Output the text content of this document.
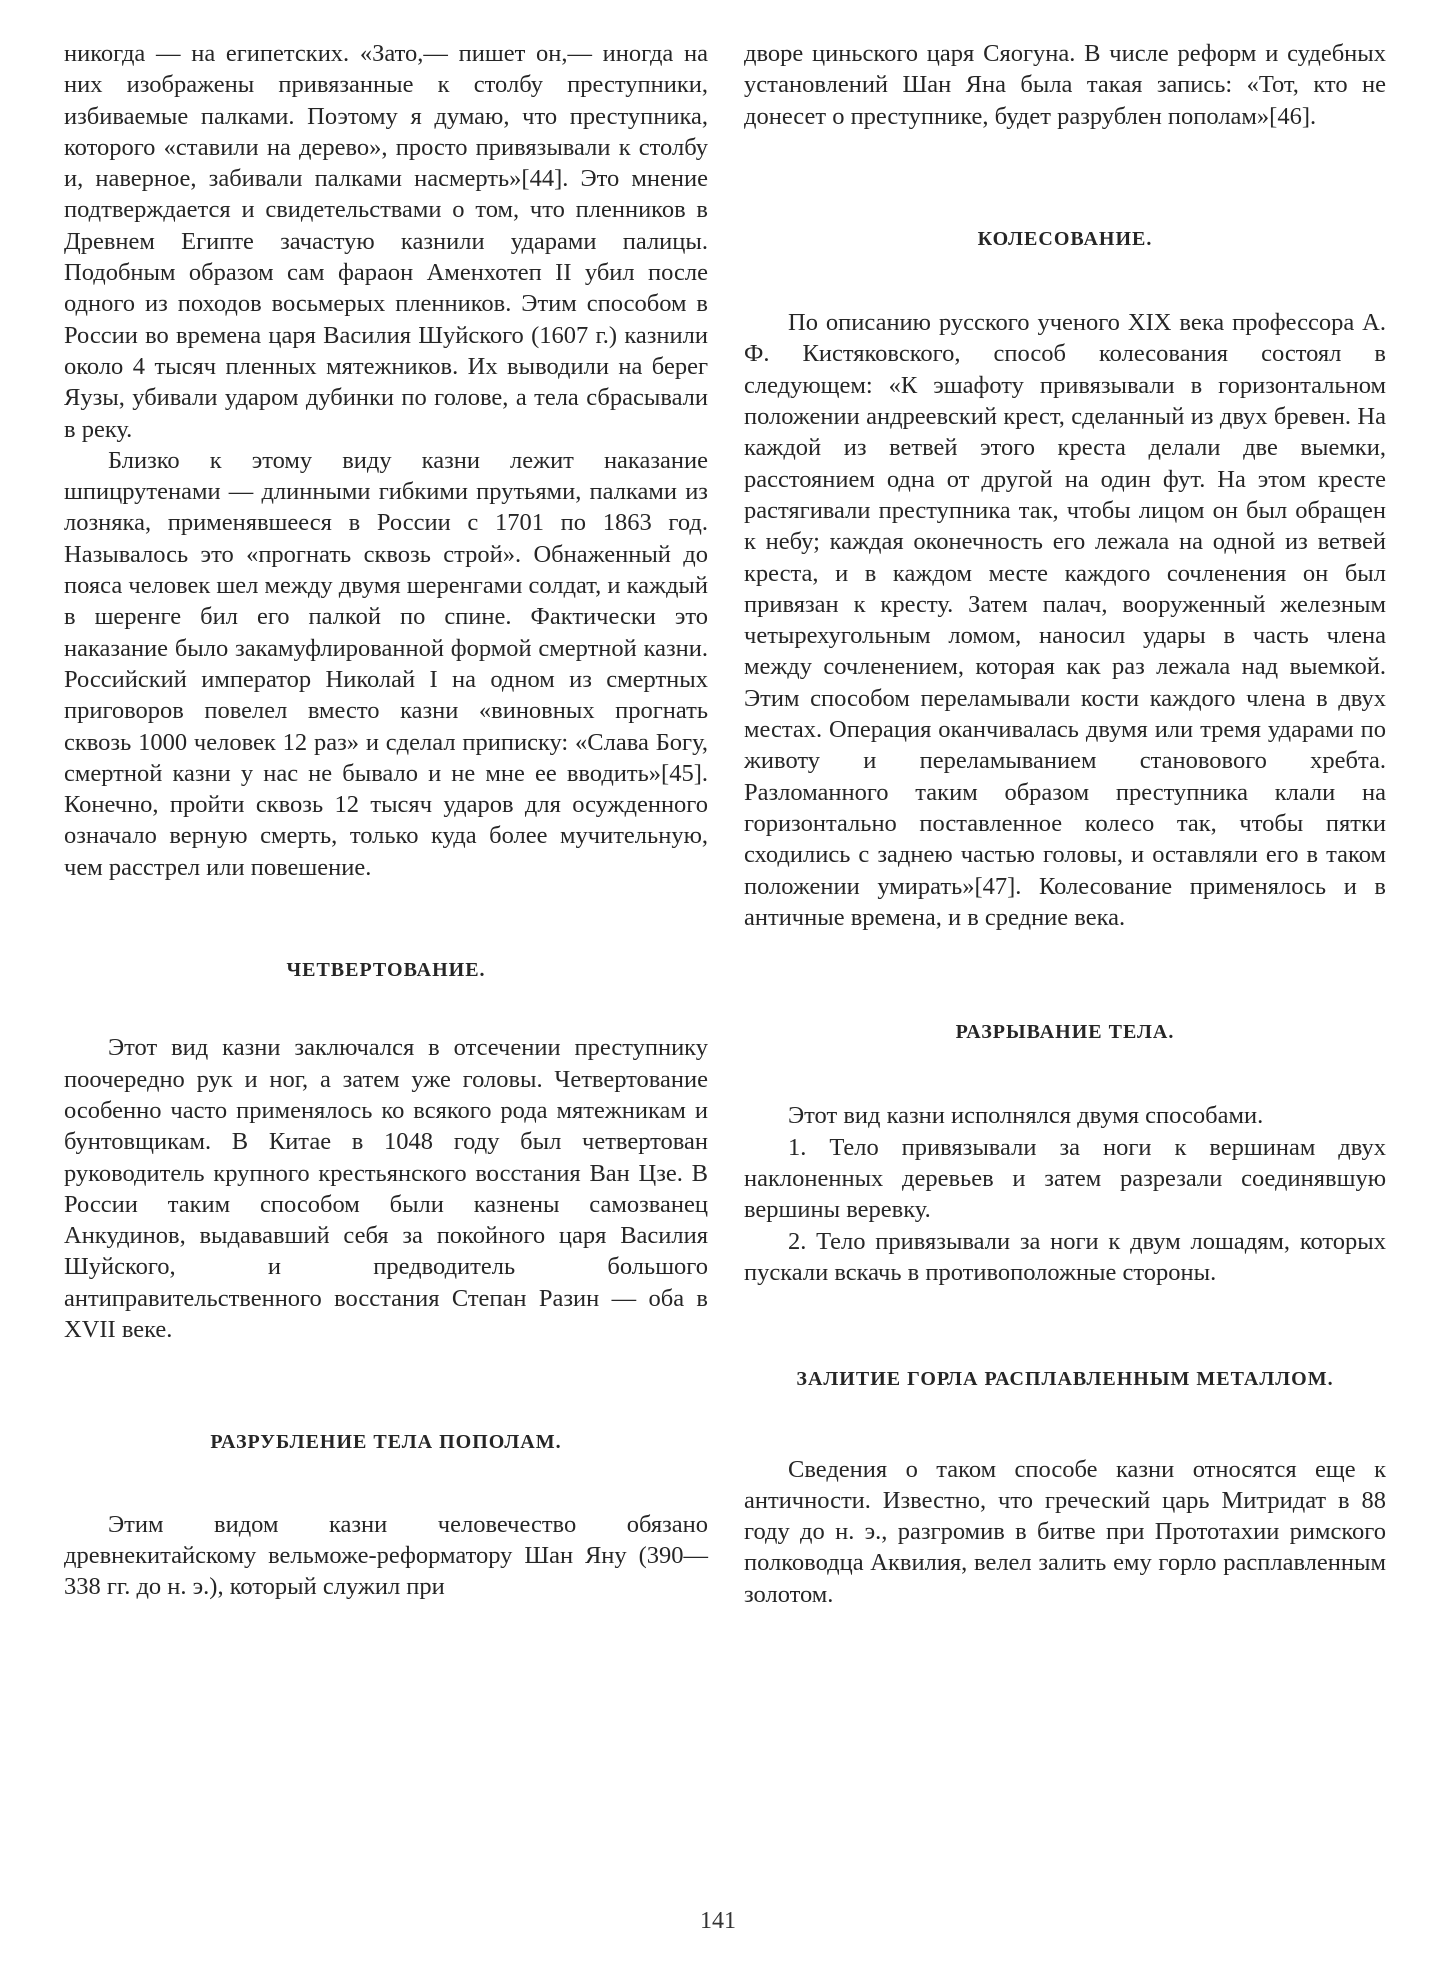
никогда — на египетских. «Зато,— пишет он,— иногда на них изображены привязанные к столбу преступники, избиваемые палками. Поэтому я думаю, что преступника, которого «ставили на дерево», просто привязывали к столбу и, наверное, забивали палками насмерть»[44]. Это мнение подтверждается и свидетельствами о том, что пленников в Древнем Египте зачастую казнили ударами палицы. Подобным образом сам фараон Аменхотеп II убил после одного из походов восьмерых пленников. Этим способом в России во времена царя Василия Шуйского (1607 г.) казнили около 4 тысяч пленных мятежников. Их выводили на берег Яузы, убивали ударом дубинки по голове, а тела сбрасывали в реку.

Близко к этому виду казни лежит наказание шпицрутенами — длинными гибкими прутьями, палками из лозняка, применявшееся в России с 1701 по 1863 год. Называлось это «прогнать сквозь строй». Обнаженный до пояса человек шел между двумя шеренгами солдат, и каждый в шеренге бил его палкой по спине. Фактически это наказание было закамуфлированной формой смертной казни. Российский император Николай I на одном из смертных приговоров повелел вместо казни «виновных прогнать сквозь 1000 человек 12 раз» и сделал приписку: «Слава Богу, смертной казни у нас не бывало и не мне ее вводить»[45]. Конечно, пройти сквозь 12 тысяч ударов для осужденного означало верную смерть, только куда более мучительную, чем расстрел или повешение.

ЧЕТВЕРТОВАНИЕ.

Этот вид казни заключался в отсечении преступнику поочередно рук и ног, а затем уже головы. Четвертование особенно часто применялось ко всякого рода мятежникам и бунтовщикам. В Китае в 1048 году был четвертован руководитель крупного крестьянского восстания Ван Цзе. В России таким способом были казнены самозванец Анкудинов, выдававший себя за покойного царя Василия Шуйского, и предводитель большого антиправительственного восстания Степан Разин — оба в XVII веке.

РАЗРУБЛЕНИЕ ТЕЛА ПОПОЛАМ.

Этим видом казни человечество обязано древнекитайскому вельможе-реформатору Шан Яну (390—338 гг. до н. э.), который служил при

дворе циньского царя Сяогуна. В числе реформ и судебных установлений Шан Яна была такая запись: «Тот, кто не донесет о преступнике, будет разрублен пополам»[46].

КОЛЕСОВАНИЕ.

По описанию русского ученого XIX века профессора А. Ф. Кистяковского, способ колесования состоял в следующем: «К эшафоту привязывали в горизонтальном положении андреевский крест, сделанный из двух бревен. На каждой из ветвей этого креста делали две выемки, расстоянием одна от другой на один фут. На этом кресте растягивали преступника так, чтобы лицом он был обращен к небу; каждая оконечность его лежала на одной из ветвей креста, и в каждом месте каждого сочленения он был привязан к кресту. Затем палач, вооруженный железным четырехугольным ломом, наносил удары в часть члена между сочленением, которая как раз лежала над выемкой. Этим способом переламывали кости каждого члена в двух местах. Операция оканчивалась двумя или тремя ударами по животу и переламыванием становового хребта. Разломанного таким образом преступника клали на горизонтально поставленное колесо так, чтобы пятки сходились с заднею частью головы, и оставляли его в таком положении умирать»[47]. Колесование применялось и в античные времена, и в средние века.

РАЗРЫВАНИЕ ТЕЛА.

Этот вид казни исполнялся двумя способами.

1. Тело привязывали за ноги к вершинам двух наклоненных деревьев и затем разрезали соединявшую вершины веревку.

2. Тело привязывали за ноги к двум лошадям, которых пускали вскачь в противоположные стороны.

ЗАЛИТИЕ ГОРЛА РАСПЛАВЛЕННЫМ МЕТАЛЛОМ.

Сведения о таком способе казни относятся еще к античности. Известно, что греческий царь Митридат в 88 году до н. э., разгромив в битве при Прототахии римского полководца Аквилия, велел залить ему горло расплавленным золотом.

141
